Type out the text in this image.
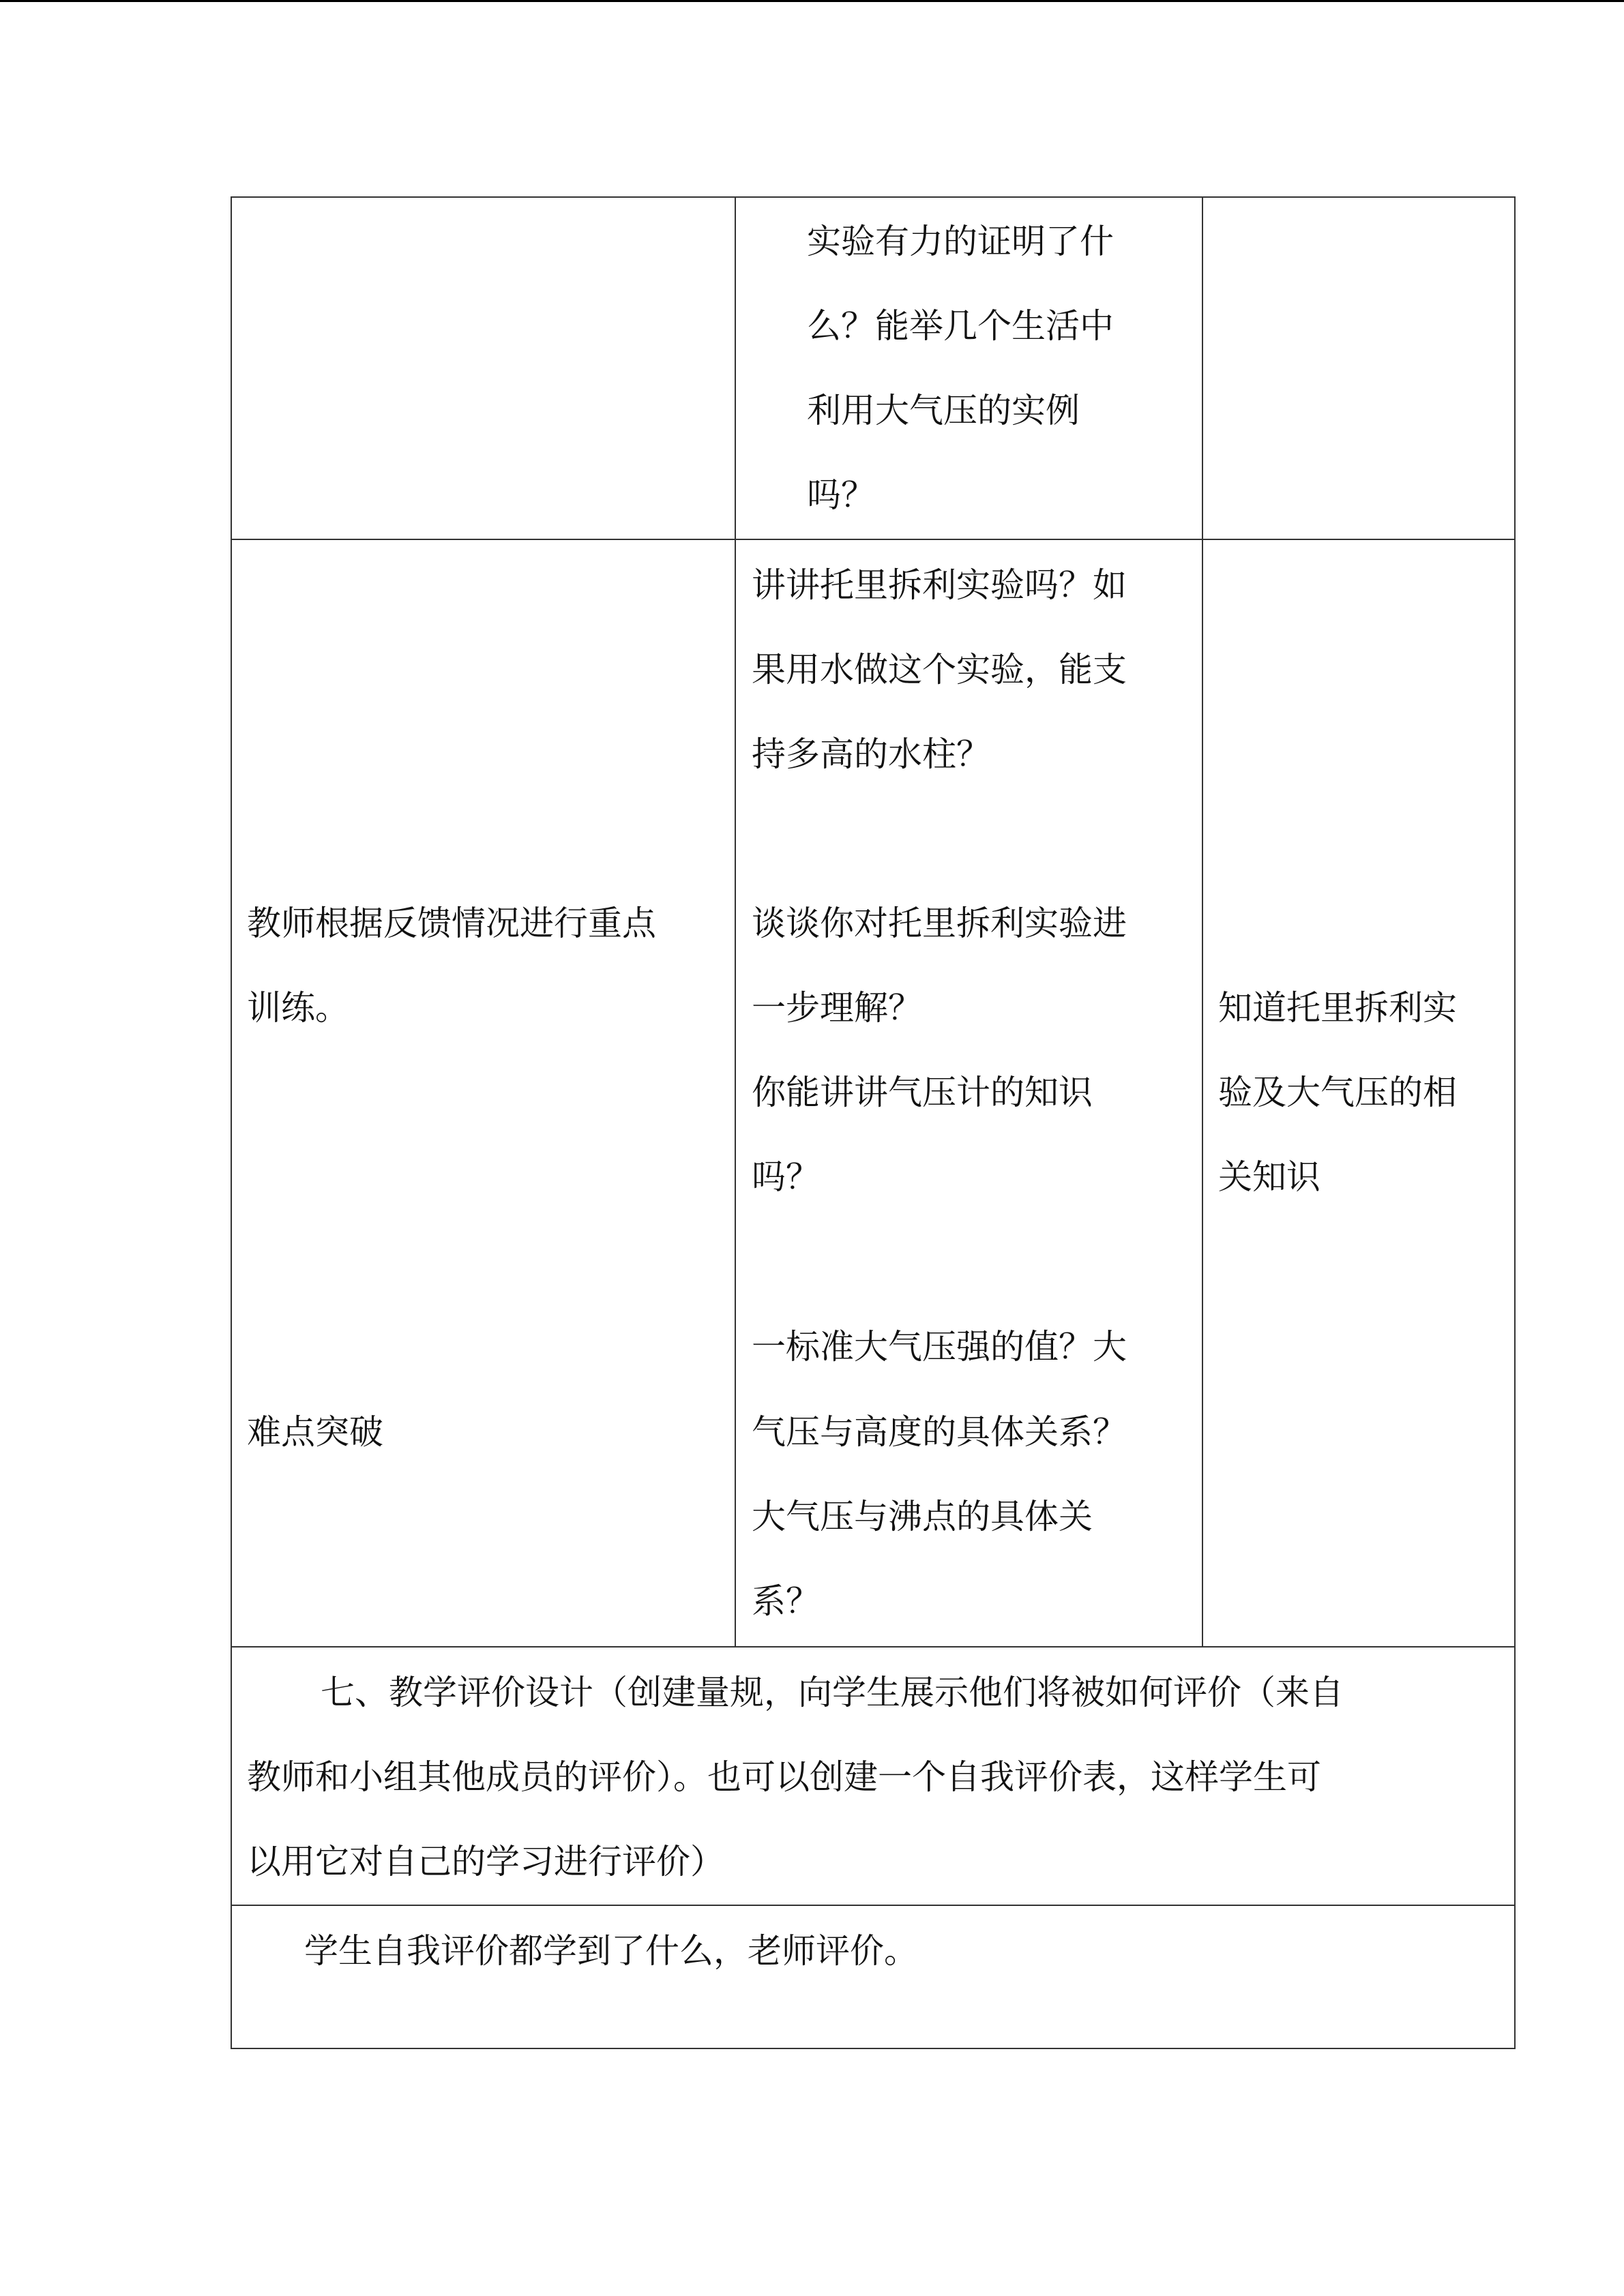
实验有力的证明了什
么？能举几个生活中
利用大气压的实例
吗？
教师根据反馈情况进行重点
训练。
难点突破
讲讲托里拆利实验吗？如
果用水做这个实验，能支
持多高的水柱？
谈谈你对托里拆利实验进
一步理解？
你能讲讲气压计的知识
吗？
一标准大气压强的值？大
气压与高度的具体关系？
大气压与沸点的具体关
系？
知道托里拆利实
验及大气压的相
关知识
七、教学评价设计（创建量规，向学生展示他们将被如何评价（来自
教师和小组其他成员的评价）。也可以创建一个自我评价表，这样学生可
以用它对自己的学习进行评价）
学生自我评价都学到了什么，老师评价。
